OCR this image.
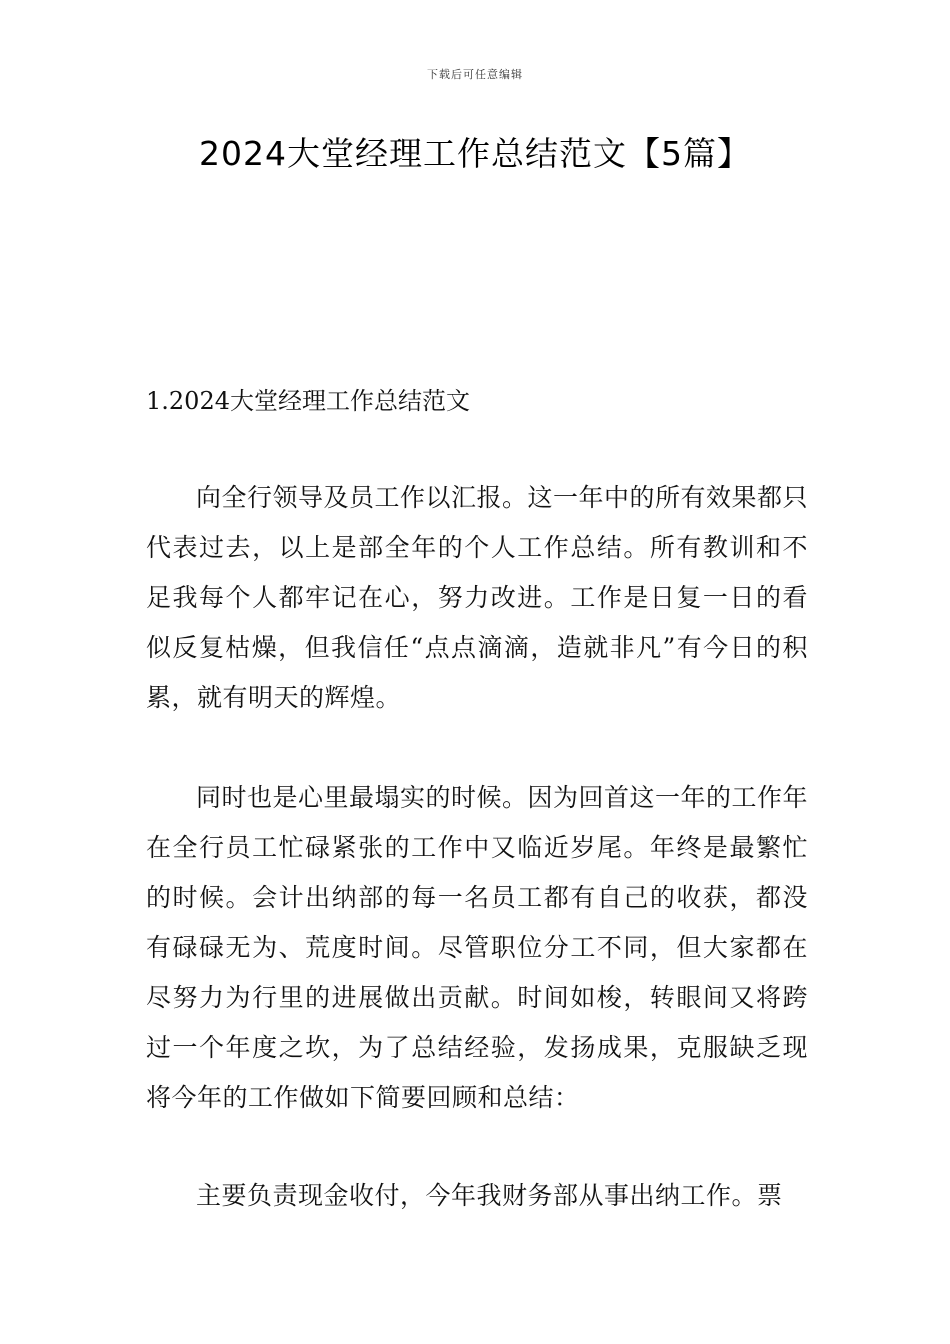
下载后可任意编辑
2024大堂经理工作总结范文【5篇】
1.2024大堂经理工作总结范文

向全行领导及员工作以汇报。这一年中的所有效果都只代表过去，以上是部全年的个人工作总结。所有教训和不足我每个人都牢记在心，努力改进。工作是日复一日的看似反复枯燥，但我信任“点点滴滴，造就非凡”有今日的积累，就有明天的辉煌。

同时也是心里最塌实的时候。因为回首这一年的工作年在全行员工忙碌紧张的工作中又临近岁尾。年终是最繁忙的时候。会计出纳部的每一名员工都有自己的收获，都没有碌碌无为、荒度时间。尽管职位分工不同，但大家都在尽努力为行里的进展做出贡献。时间如梭，转眼间又将跨过一个年度之坎，为了总结经验，发扬成果，克服缺乏现将今年的工作做如下简要回顾和总结：

主要负责现金收付，今年我财务部从事出纳工作。票
